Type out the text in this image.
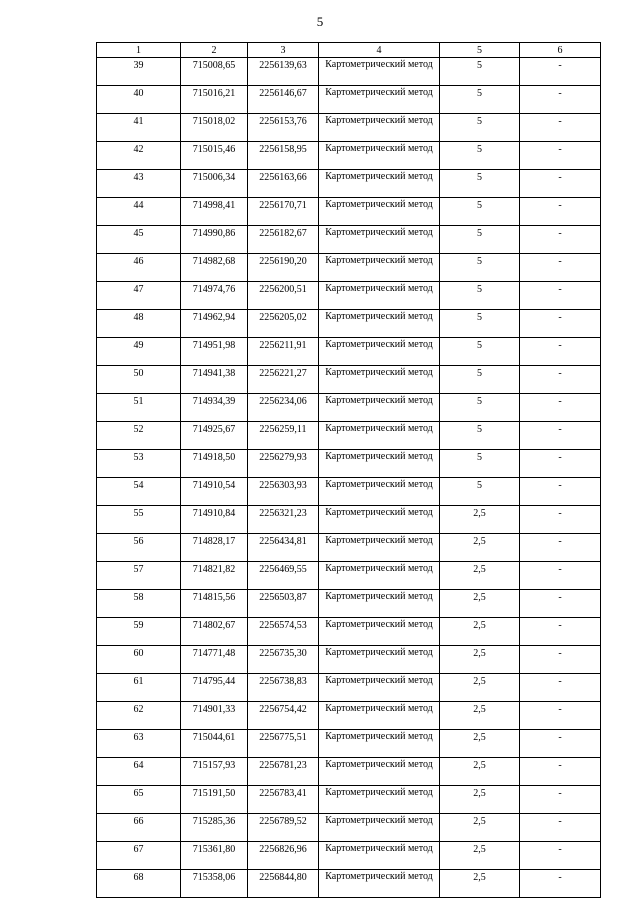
5
1	2	3	4	5	6
39	715008,65	2256139,63	Картометрический метод	5	-
40	715016,21	2256146,67	Картометрический метод	5	-
41	715018,02	2256153,76	Картометрический метод	5	-
42	715015,46	2256158,95	Картометрический метод	5	-
43	715006,34	2256163,66	Картометрический метод	5	-
44	714998,41	2256170,71	Картометрический метод	5	-
45	714990,86	2256182,67	Картометрический метод	5	-
46	714982,68	2256190,20	Картометрический метод	5	-
47	714974,76	2256200,51	Картометрический метод	5	-
48	714962,94	2256205,02	Картометрический метод	5	-
49	714951,98	2256211,91	Картометрический метод	5	-
50	714941,38	2256221,27	Картометрический метод	5	-
51	714934,39	2256234,06	Картометрический метод	5	-
52	714925,67	2256259,11	Картометрический метод	5	-
53	714918,50	2256279,93	Картометрический метод	5	-
54	714910,54	2256303,93	Картометрический метод	5	-
55	714910,84	2256321,23	Картометрический метод	2,5	-
56	714828,17	2256434,81	Картометрический метод	2,5	-
57	714821,82	2256469,55	Картометрический метод	2,5	-
58	714815,56	2256503,87	Картометрический метод	2,5	-
59	714802,67	2256574,53	Картометрический метод	2,5	-
60	714771,48	2256735,30	Картометрический метод	2,5	-
61	714795,44	2256738,83	Картометрический метод	2,5	-
62	714901,33	2256754,42	Картометрический метод	2,5	-
63	715044,61	2256775,51	Картометрический метод	2,5	-
64	715157,93	2256781,23	Картометрический метод	2,5	-
65	715191,50	2256783,41	Картометрический метод	2,5	-
66	715285,36	2256789,52	Картометрический метод	2,5	-
67	715361,80	2256826,96	Картометрический метод	2,5	-
68	715358,06	2256844,80	Картометрический метод	2,5	-
